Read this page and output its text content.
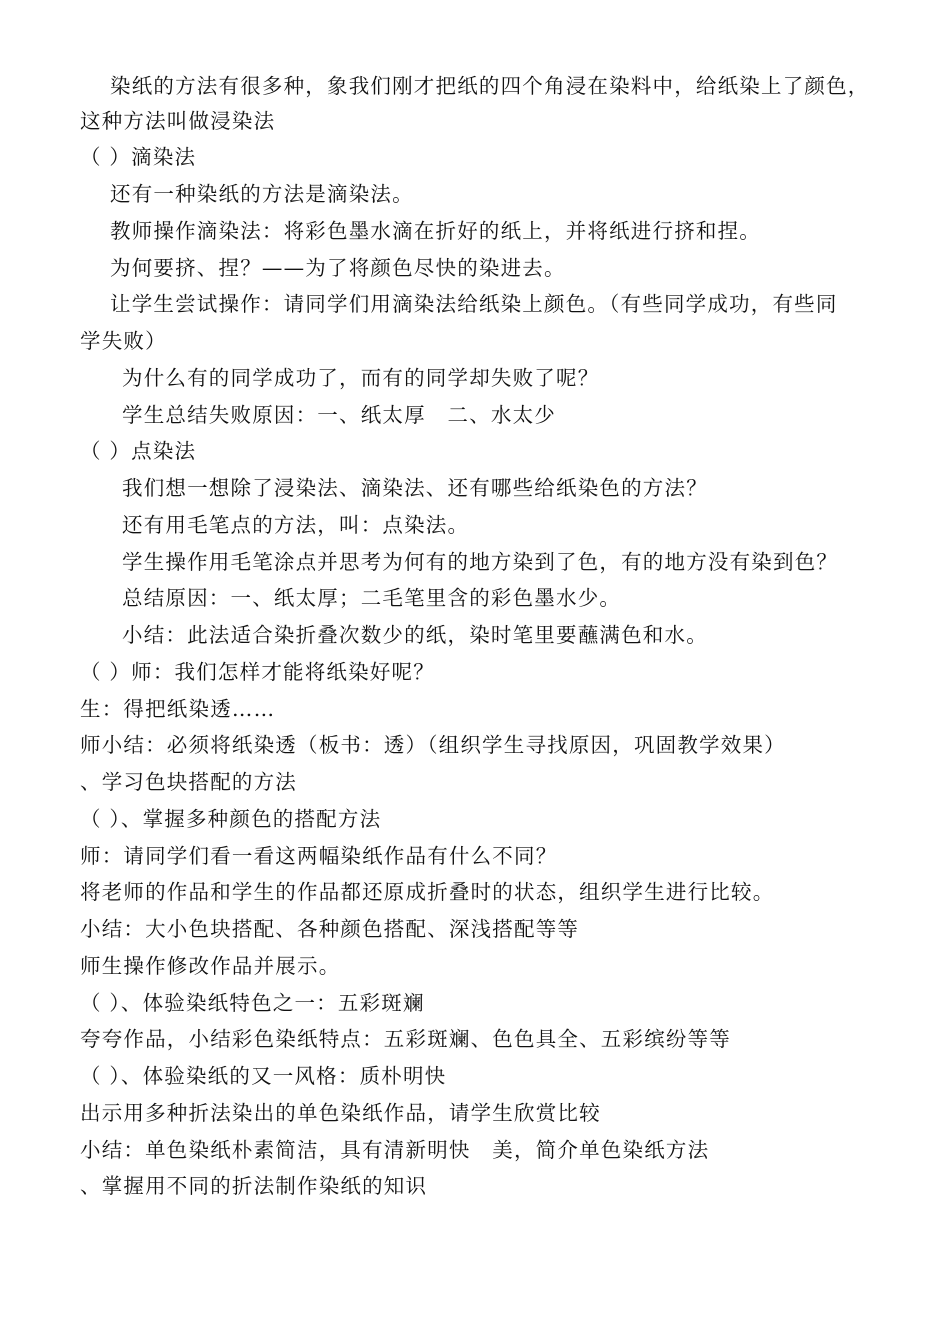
染纸的方法有很多种，象我们刚才把纸的四个角浸在染料中，给纸染上了颜色，
这种方法叫做浸染法
（ ）滴染法
还有一种染纸的方法是滴染法。
教师操作滴染法：将彩色墨水滴在折好的纸上，并将纸进行挤和捏。
为何要挤、捏？——为了将颜色尽快的染进去。
让学生尝试操作：请同学们用滴染法给纸染上颜色。（有些同学成功，有些同
学失败）
为什么有的同学成功了，而有的同学却失败了呢？
学生总结失败原因：一、纸太厚　二、水太少
（ ）点染法
我们想一想除了浸染法、滴染法、还有哪些给纸染色的方法？
还有用毛笔点的方法，叫：点染法。
学生操作用毛笔涂点并思考为何有的地方染到了色，有的地方没有染到色？
总结原因：一、纸太厚；二毛笔里含的彩色墨水少。
小结：此法适合染折叠次数少的纸，染时笔里要蘸满色和水。
（ ）师：我们怎样才能将纸染好呢？
生：得把纸染透……
师小结：必须将纸染透（板书：透）（组织学生寻找原因，巩固教学效果）
、学习色块搭配的方法
（ ）、掌握多种颜色的搭配方法
师：请同学们看一看这两幅染纸作品有什么不同？
将老师的作品和学生的作品都还原成折叠时的状态，组织学生进行比较。
小结：大小色块搭配、各种颜色搭配、深浅搭配等等
师生操作修改作品并展示。
（ ）、体验染纸特色之一：五彩斑斓
夸夸作品，小结彩色染纸特点：五彩斑斓、色色具全、五彩缤纷等等
（ ）、体验染纸的又一风格：质朴明快
出示用多种折法染出的单色染纸作品，请学生欣赏比较
小结：单色染纸朴素简洁，具有清新明快　美，简介单色染纸方法
、掌握用不同的折法制作染纸的知识
